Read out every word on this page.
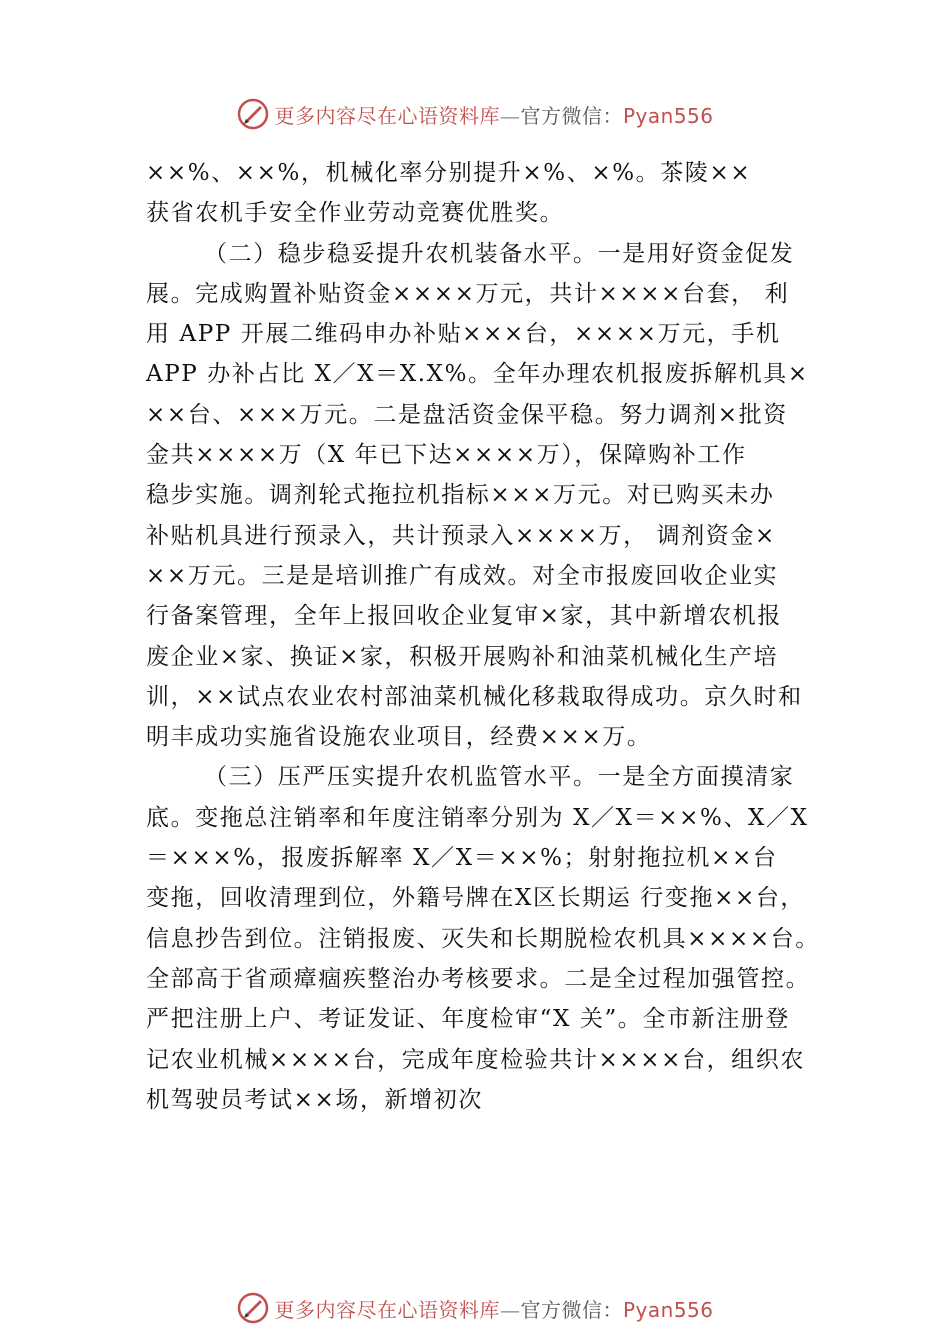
更多内容尽在心语资料库—官方微信：Pyan556
××%、××%，机械化率分别提升×%、×%。茶陵××
获省农机手安全作业劳动竞赛优胜奖。
（二）稳步稳妥提升农机装备水平。一是用好资金促发
展。完成购置补贴资金××××万元，共计××××台套， 利
用 APP 开展二维码申办补贴×××台，××××万元，手机
APP 办补占比 X／X＝X.X%。全年办理农机报废拆解机具×
××台、×××万元。二是盘活资金保平稳。努力调剂×批资
金共××××万（X 年已下达××××万），保障购补工作
稳步实施。调剂轮式拖拉机指标×××万元。对已购买未办
补贴机具进行预录入，共计预录入××××万， 调剂资金×
××万元。三是是培训推广有成效。对全市报废回收企业实
行备案管理，全年上报回收企业复审×家，其中新增农机报
废企业×家、换证×家，积极开展购补和油菜机械化生产培
训，××试点农业农村部油菜机械化移栽取得成功。京久时和
明丰成功实施省设施农业项目，经费×××万。
（三）压严压实提升农机监管水平。一是全方面摸清家
底。变拖总注销率和年度注销率分别为 X／X＝××%、X／X
＝×××%，报废拆解率 X／X＝××%；射射拖拉机××台
变拖，回收清理到位，外籍号牌在Ⅹ区长期运 行变拖××台，
信息抄告到位。注销报废、灭失和长期脱检农机具××××台。
全部高于省顽瘴痼疾整治办考核要求。二是全过程加强管控。
严把注册上户、考证发证、年度检审“X 关”。全市新注册登
记农业机械××××台，完成年度检验共计××××台，组织农
机驾驶员考试××场，新增初次
更多内容尽在心语资料库—官方微信：Pyan556
